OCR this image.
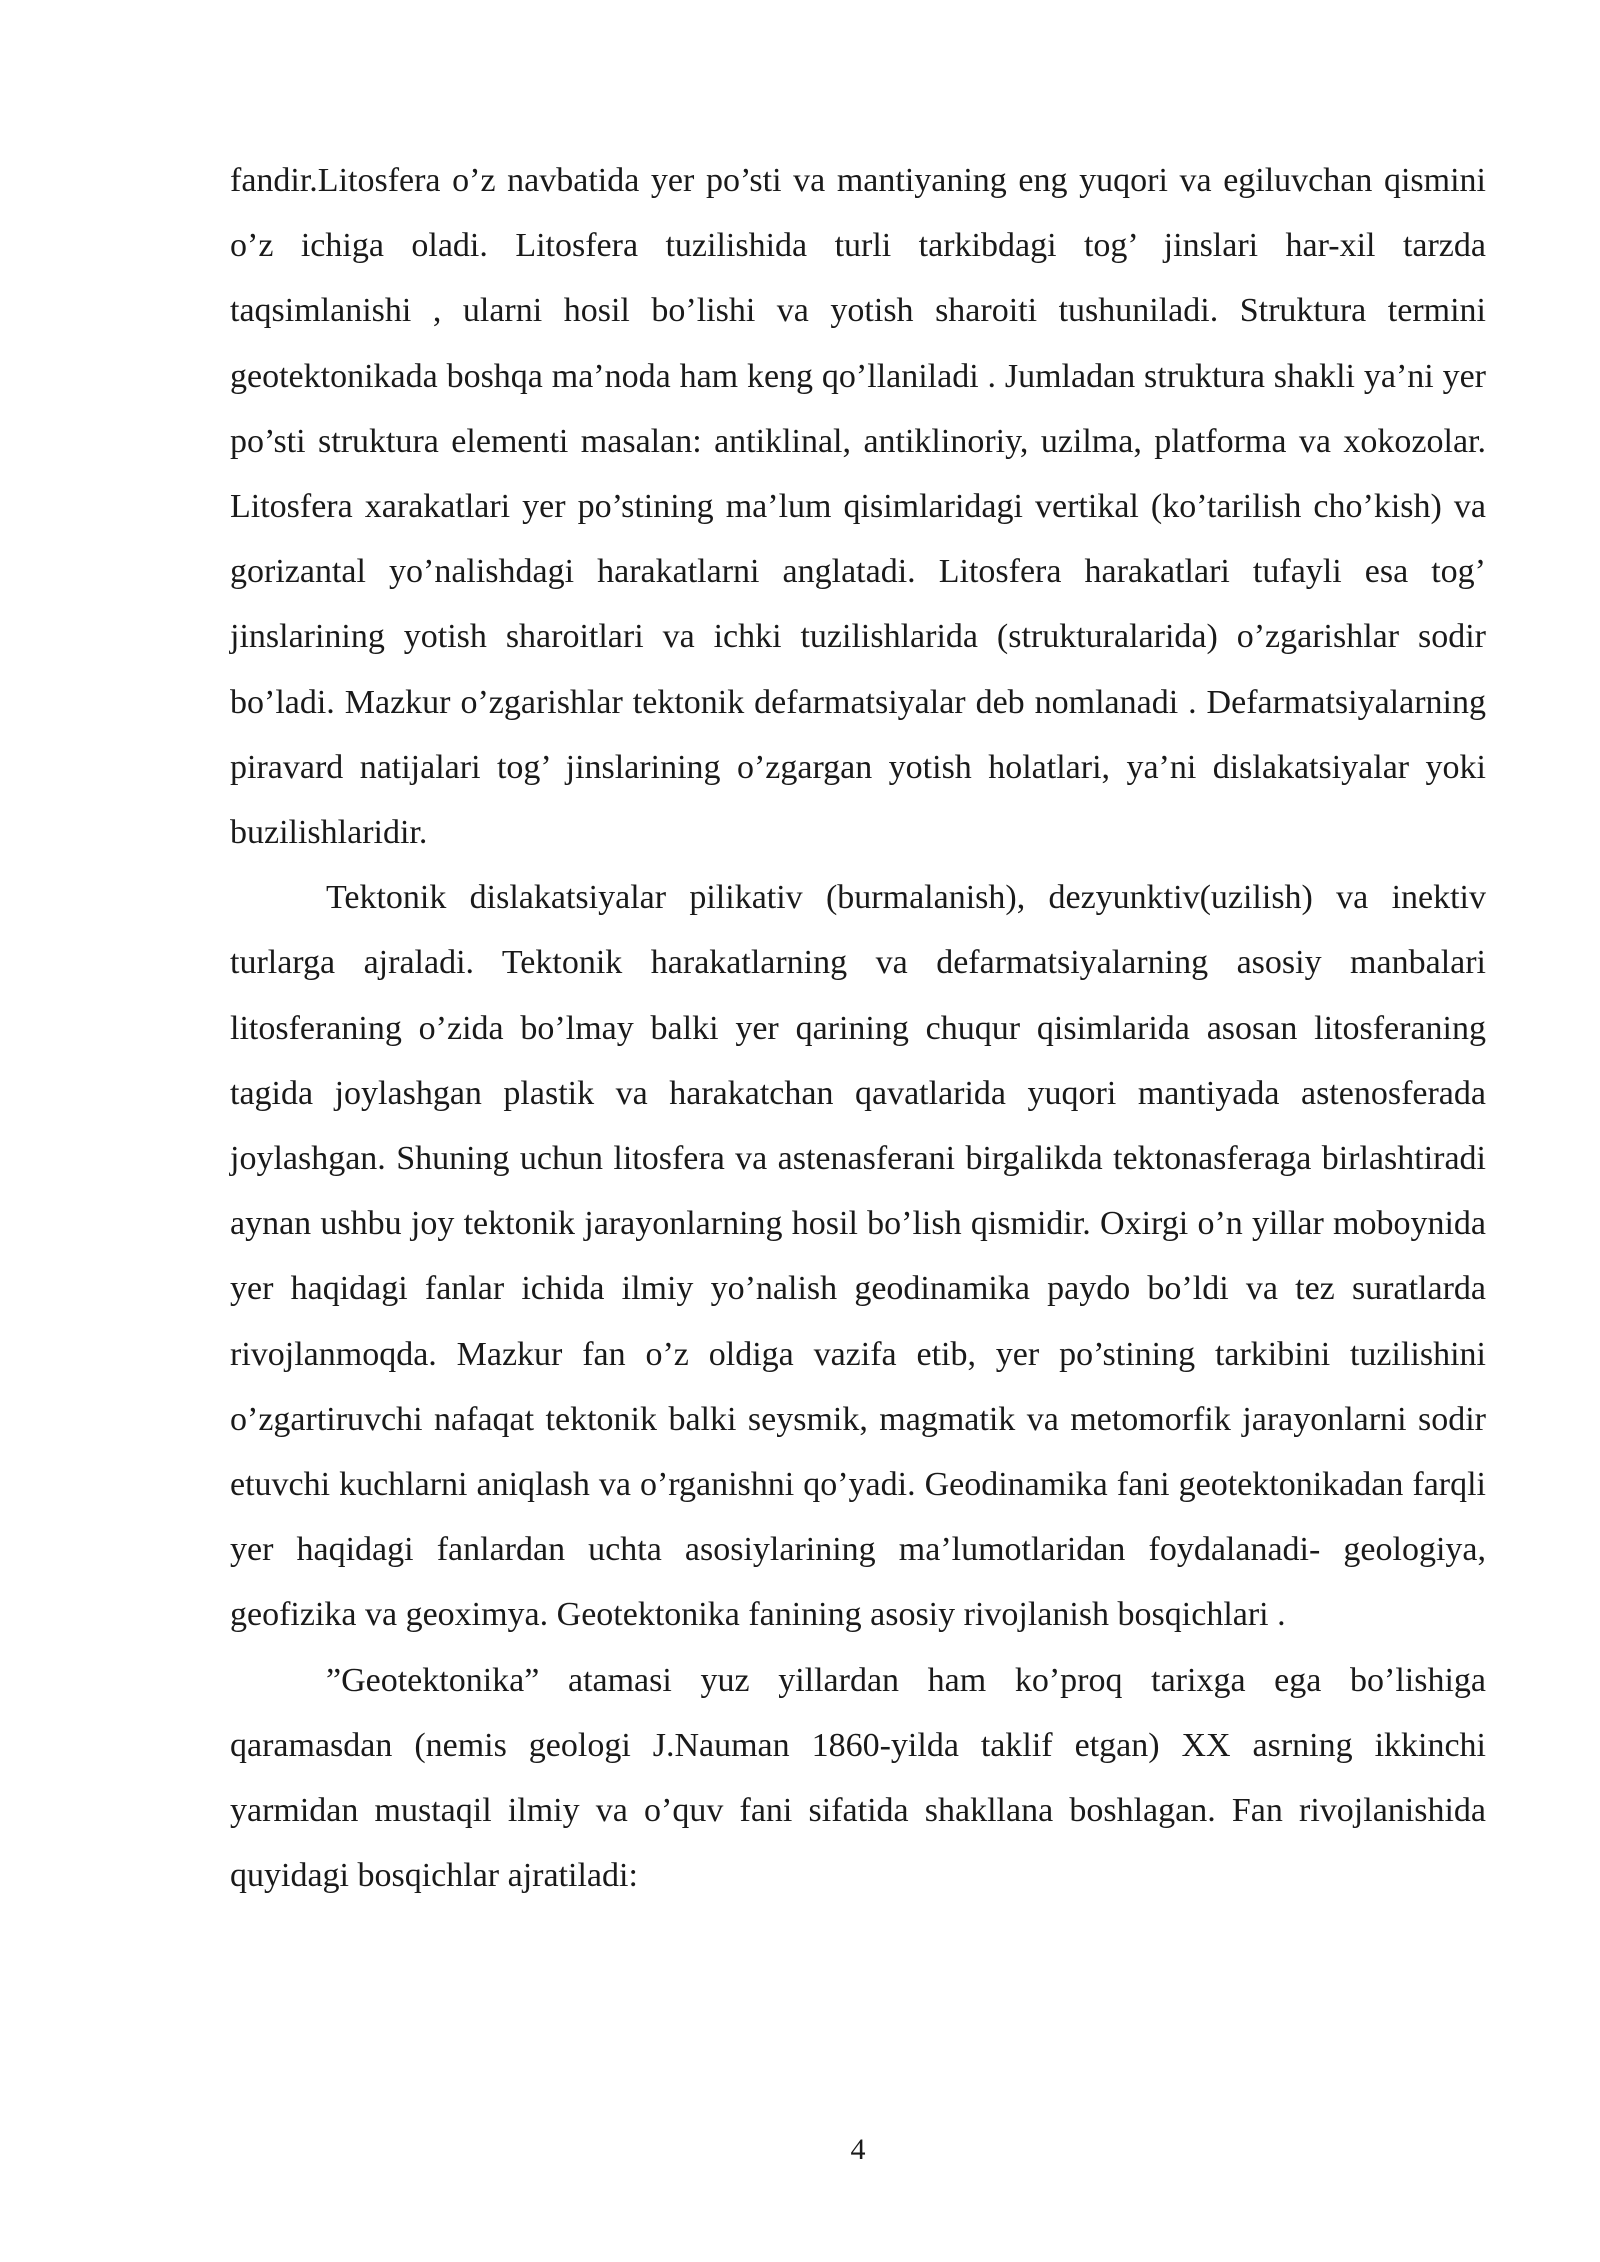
fandir.Litosfera o’z navbatida yer po’sti va mantiyaning eng yuqori va egiluvchan qismini o’z ichiga oladi. Litosfera tuzilishida turli tarkibdagi tog’ jinslari har-xil tarzda taqsimlanishi , ularni hosil bo’lishi va yotish sharoiti tushuniladi. Struktura termini geotektonikada boshqa ma’noda ham keng qo’llaniladi . Jumladan struktura shakli ya’ni yer po’sti struktura elementi masalan: antiklinal, antiklinoriy, uzilma, platforma va xokozolar. Litosfera xarakatlari yer po’stining ma’lum qisimlaridagi vertikal (ko’tarilish cho’kish) va gorizantal yo’nalishdagi harakatlarni anglatadi. Litosfera harakatlari tufayli esa tog’ jinslarining yotish sharoitlari va ichki tuzilishlarida (strukturalarida) o’zgarishlar sodir bo’ladi. Mazkur o’zgarishlar tektonik defarmatsiyalar deb nomlanadi . Defarmatsiyalarning piravard natijalari tog’ jinslarining o’zgargan yotish holatlari, ya’ni dislakatsiyalar yoki buzilishlaridir.

Tektonik dislakatsiyalar pilikativ (burmalanish), dezyunktiv(uzilish) va inektiv turlarga ajraladi. Tektonik harakatlarning va defarmatsiyalarning asosiy manbalari litosferaning o’zida bo’lmay balki yer qarining chuqur qisimlarida asosan litosferaning tagida joylashgan plastik va harakatchan qavatlarida yuqori mantiyada astenosferada joylashgan. Shuning uchun litosfera va astenasferani birgalikda tektonasferaga birlashtiradi aynan ushbu joy tektonik jarayonlarning hosil bo’lish qismidir. Oxirgi o’n yillar moboynida yer haqidagi fanlar ichida ilmiy yo’nalish geodinamika paydo bo’ldi va tez suratlarda rivojlanmoqda. Mazkur fan o’z oldiga vazifa etib, yer po’stining tarkibini tuzilishini o’zgartiruvchi nafaqat tektonik balki seysmik, magmatik va metomorfik jarayonlarni sodir etuvchi kuchlarni aniqlash va o’rganishni qo’yadi. Geodinamika fani geotektonikadan farqli yer haqidagi fanlardan uchta asosiylarining ma’lumotlaridan foydalanadi- geologiya, geofizika va geoximya. Geotektonika fanining asosiy rivojlanish bosqichlari .

”Geotektonika” atamasi yuz yillardan ham ko’proq tarixga ega bo’lishiga qaramasdan (nemis geologi J.Nauman 1860-yilda taklif etgan) XX asrning ikkinchi yarmidan mustaqil ilmiy va o’quv fani sifatida shakllana boshlagan. Fan rivojlanishida quyidagi bosqichlar ajratiladi:

4
